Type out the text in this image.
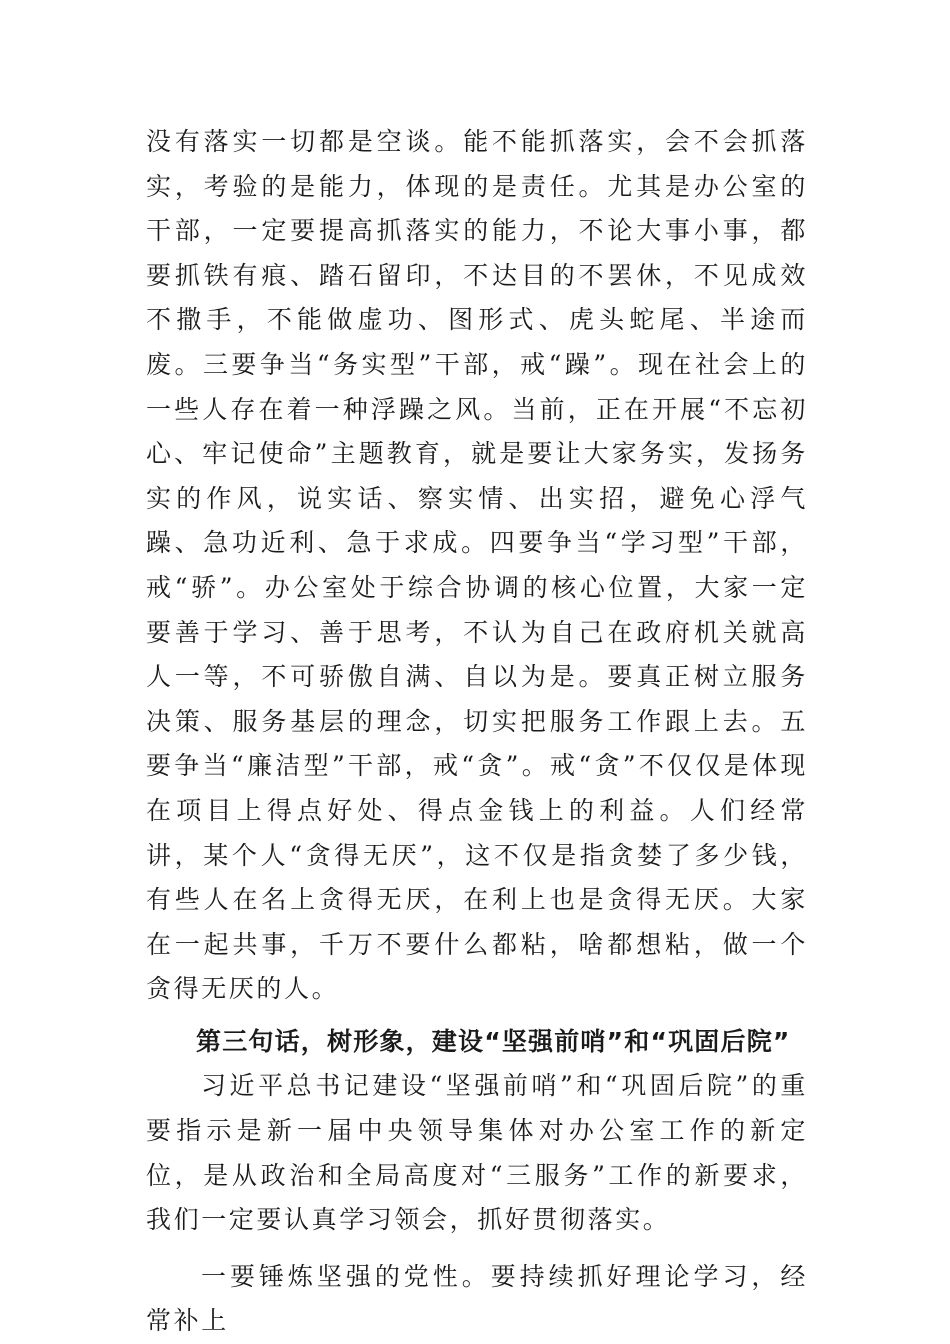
没有落实一切都是空谈。能不能抓落实，会不会抓落实，考验的是能力，体现的是责任。尤其是办公室的干部，一定要提高抓落实的能力，不论大事小事，都要抓铁有痕、踏石留印，不达目的不罢休，不见成效不撒手，不能做虚功、图形式、虎头蛇尾、半途而废。三要争当“务实型”干部，戒“躁”。现在社会上的一些人存在着一种浮躁之风。当前，正在开展“不忘初心、牢记使命”主题教育，就是要让大家务实，发扬务实的作风，说实话、察实情、出实招，避免心浮气躁、急功近利、急于求成。四要争当“学习型”干部，戒“骄”。办公室处于综合协调的核心位置，大家一定要善于学习、善于思考，不认为自己在政府机关就高人一等，不可骄傲自满、自以为是。要真正树立服务决策、服务基层的理念，切实把服务工作跟上去。五要争当“廉洁型”干部，戒“贪”。戒“贪”不仅仅是体现在项目上得点好处、得点金钱上的利益。人们经常讲，某个人“贪得无厌”，这不仅是指贪婪了多少钱，有些人在名上贪得无厌，在利上也是贪得无厌。大家在一起共事，千万不要什么都粘，啥都想粘，做一个贪得无厌的人。

第三句话，树形象，建设“坚强前哨”和“巩固后院”

习近平总书记建设“坚强前哨”和“巩固后院”的重要指示是新一届中央领导集体对办公室工作的新定位，是从政治和全局高度对“三服务”工作的新要求，我们一定要认真学习领会，抓好贯彻落实。

一要锤炼坚强的党性。要持续抓好理论学习，经常补上
